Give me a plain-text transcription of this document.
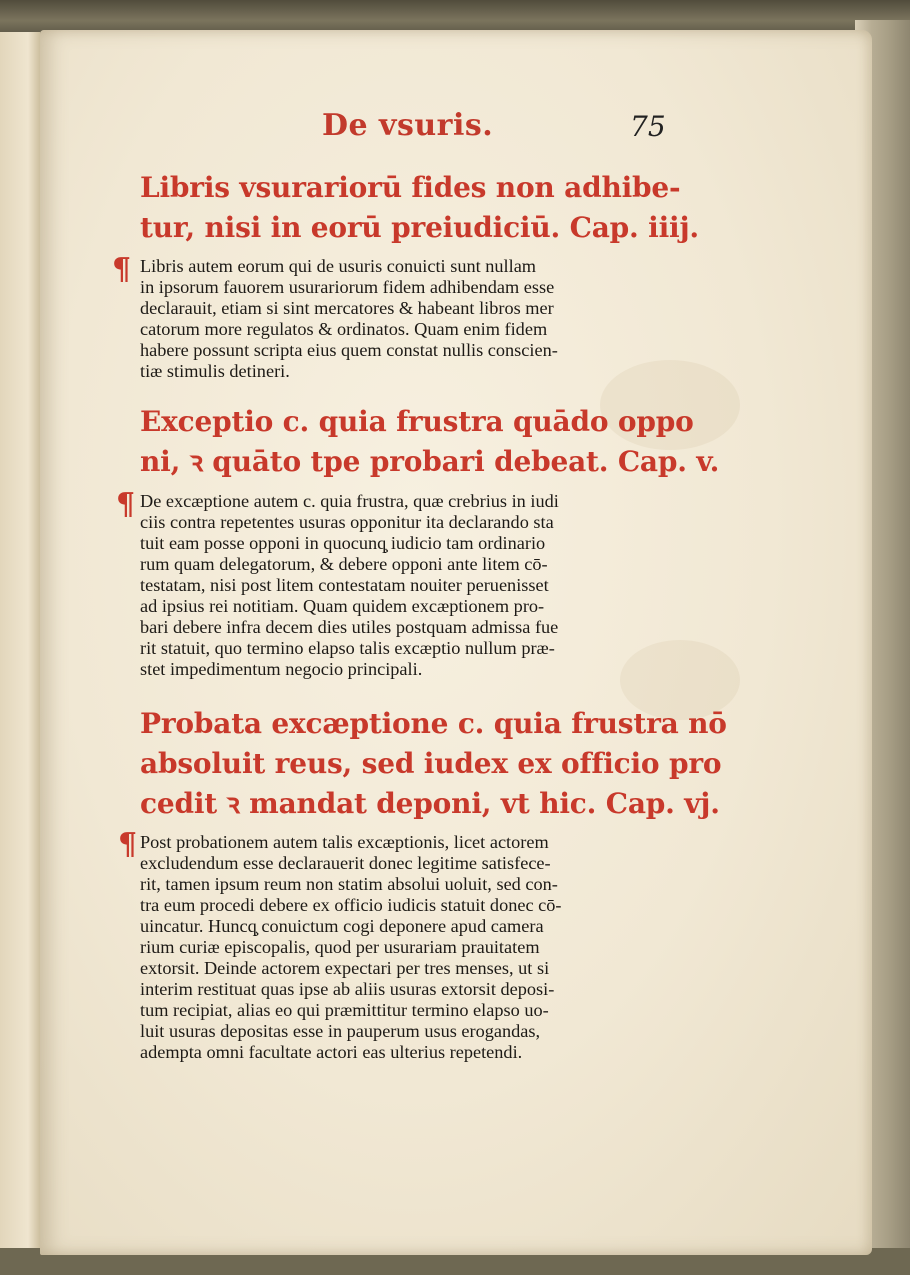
De vsuris.	75
Libris vsurariorū fides non adhibe-
tur, nisi in eorū preiudiciū. Cap. iiij.
¶ Libris autem eorum qui de usuris conuicti sunt nullam
in ipsorum fauorem usurariorum fidem adhibendam esse
declarauit, etiam si sint mercatores & habeant libros mer
catorum more regulatos & ordinatos. Quam enim fidem
habere possunt scripta eius quem constat nullis conscien-
tiæ stimulis detineri.
Exceptio c. quia frustra quādo oppo
ni, ꝛ quāto tpe probari debeat. Cap. v.
¶ De excæptione autem c. quia frustra, quæ crebrius in iudi
ciis contra repetentes usuras opponitur ita declarando sta
tuit eam posse opponi in quocunq̧ iudicio tam ordinario
rum quam delegatorum, & debere opponi ante litem cō-
testatam, nisi post litem contestatam nouiter peruenisset
ad ipsius rei notitiam. Quam quidem excæptionem pro-
bari debere infra decem dies utiles postquam admissa fue
rit statuit, quo termino elapso talis excæptio nullum præ-
stet impedimentum negocio principali.
Probata excæptione c. quia frustra nō
absoluit reus, sed iudex ex officio pro
cedit ꝛ mandat deponi, vt hic. Cap. vj.
¶ Post probationem autem talis excæptionis, licet actorem
excludendum esse declarauerit donec legitime satisfece-
rit, tamen ipsum reum non statim absolui uoluit, sed con-
tra eum procedi debere ex officio iudicis statuit donec cō-
uincatur. Huncq̧ conuictum cogi deponere apud camera
rium curiæ episcopalis, quod per usurariam prauitatem
extorsit. Deinde actorem expectari per tres menses, ut si
interim restituat quas ipse ab aliis usuras extorsit deposi-
tum recipiat, alias eo qui præmittitur termino elapso uo-
luit usuras depositas esse in pauperum usus erogandas,
adempta omni facultate actori eas ulterius repetendi.
